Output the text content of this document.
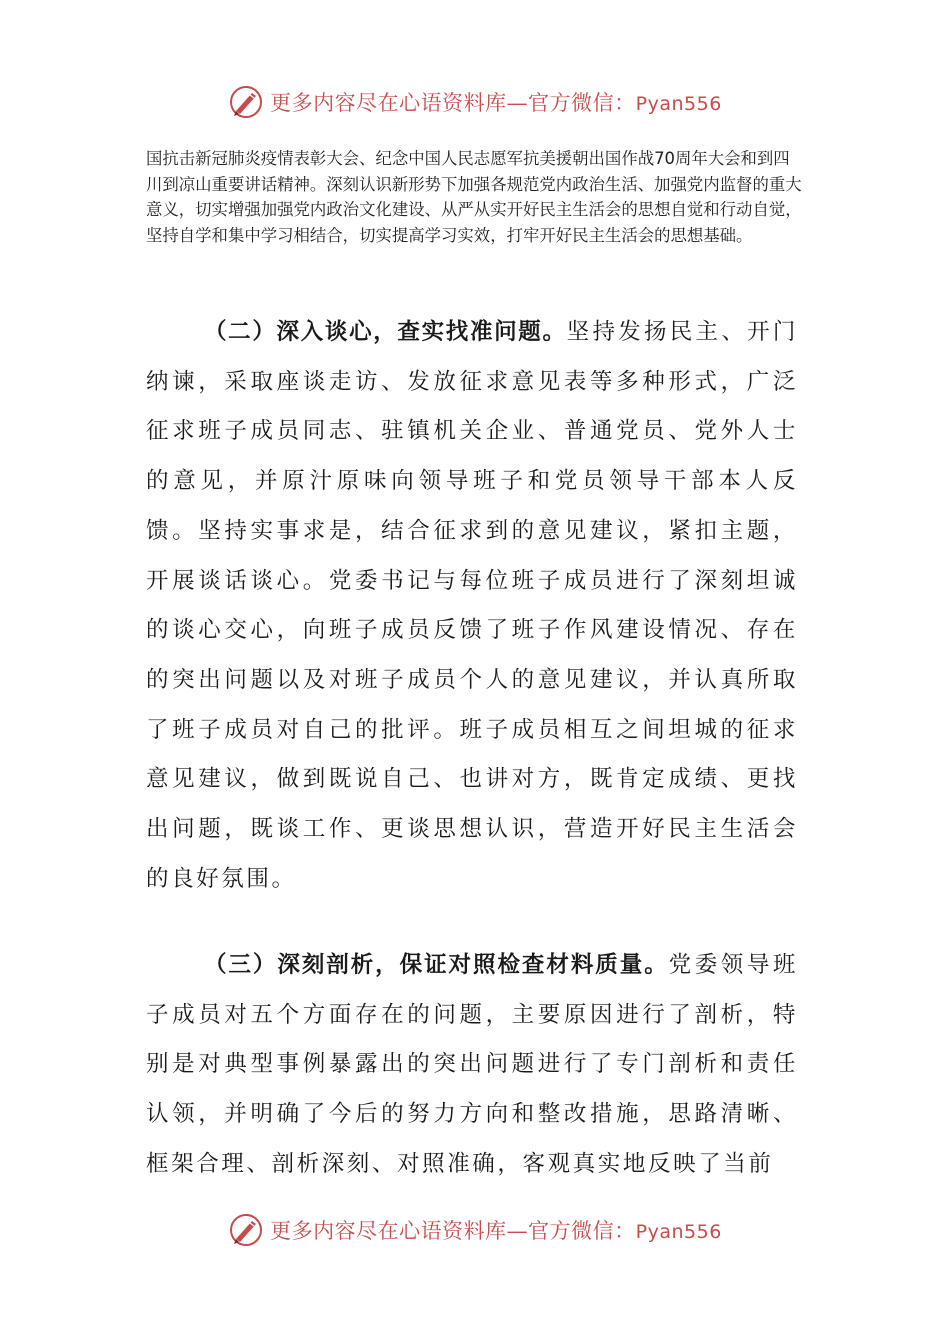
更多内容尽在心语资料库—官方微信：Pyan556

国抗击新冠肺炎疫情表彰大会、纪念中国人民志愿军抗美援朝出国作战70周年大会和到四川到凉山重要讲话精神。深刻认识新形势下加强各规范党内政治生活、加强党内监督的重大意义，切实增强加强党内政治文化建设、从严从实开好民主生活会的思想自觉和行动自觉，坚持自学和集中学习相结合，切实提高学习实效，打牢开好民主生活会的思想基础。

（二）深入谈心，查实找准问题。坚持发扬民主、开门纳谏，采取座谈走访、发放征求意见表等多种形式，广泛征求班子成员同志、驻镇机关企业、普通党员、党外人士的意见，并原汁原味向领导班子和党员领导干部本人反馈。坚持实事求是，结合征求到的意见建议，紧扣主题，开展谈话谈心。党委书记与每位班子成员进行了深刻坦诚的谈心交心，向班子成员反馈了班子作风建设情况、存在的突出问题以及对班子成员个人的意见建议，并认真所取了班子成员对自己的批评。班子成员相互之间坦城的征求意见建议，做到既说自己、也讲对方，既肯定成绩、更找出问题，既谈工作、更谈思想认识，营造开好民主生活会的良好氛围。

（三）深刻剖析，保证对照检查材料质量。党委领导班子成员对五个方面存在的问题，主要原因进行了剖析，特别是对典型事例暴露出的突出问题进行了专门剖析和责任认领，并明确了今后的努力方向和整改措施，思路清晰、框架合理、剖析深刻、对照准确，客观真实地反映了当前

更多内容尽在心语资料库—官方微信：Pyan556
